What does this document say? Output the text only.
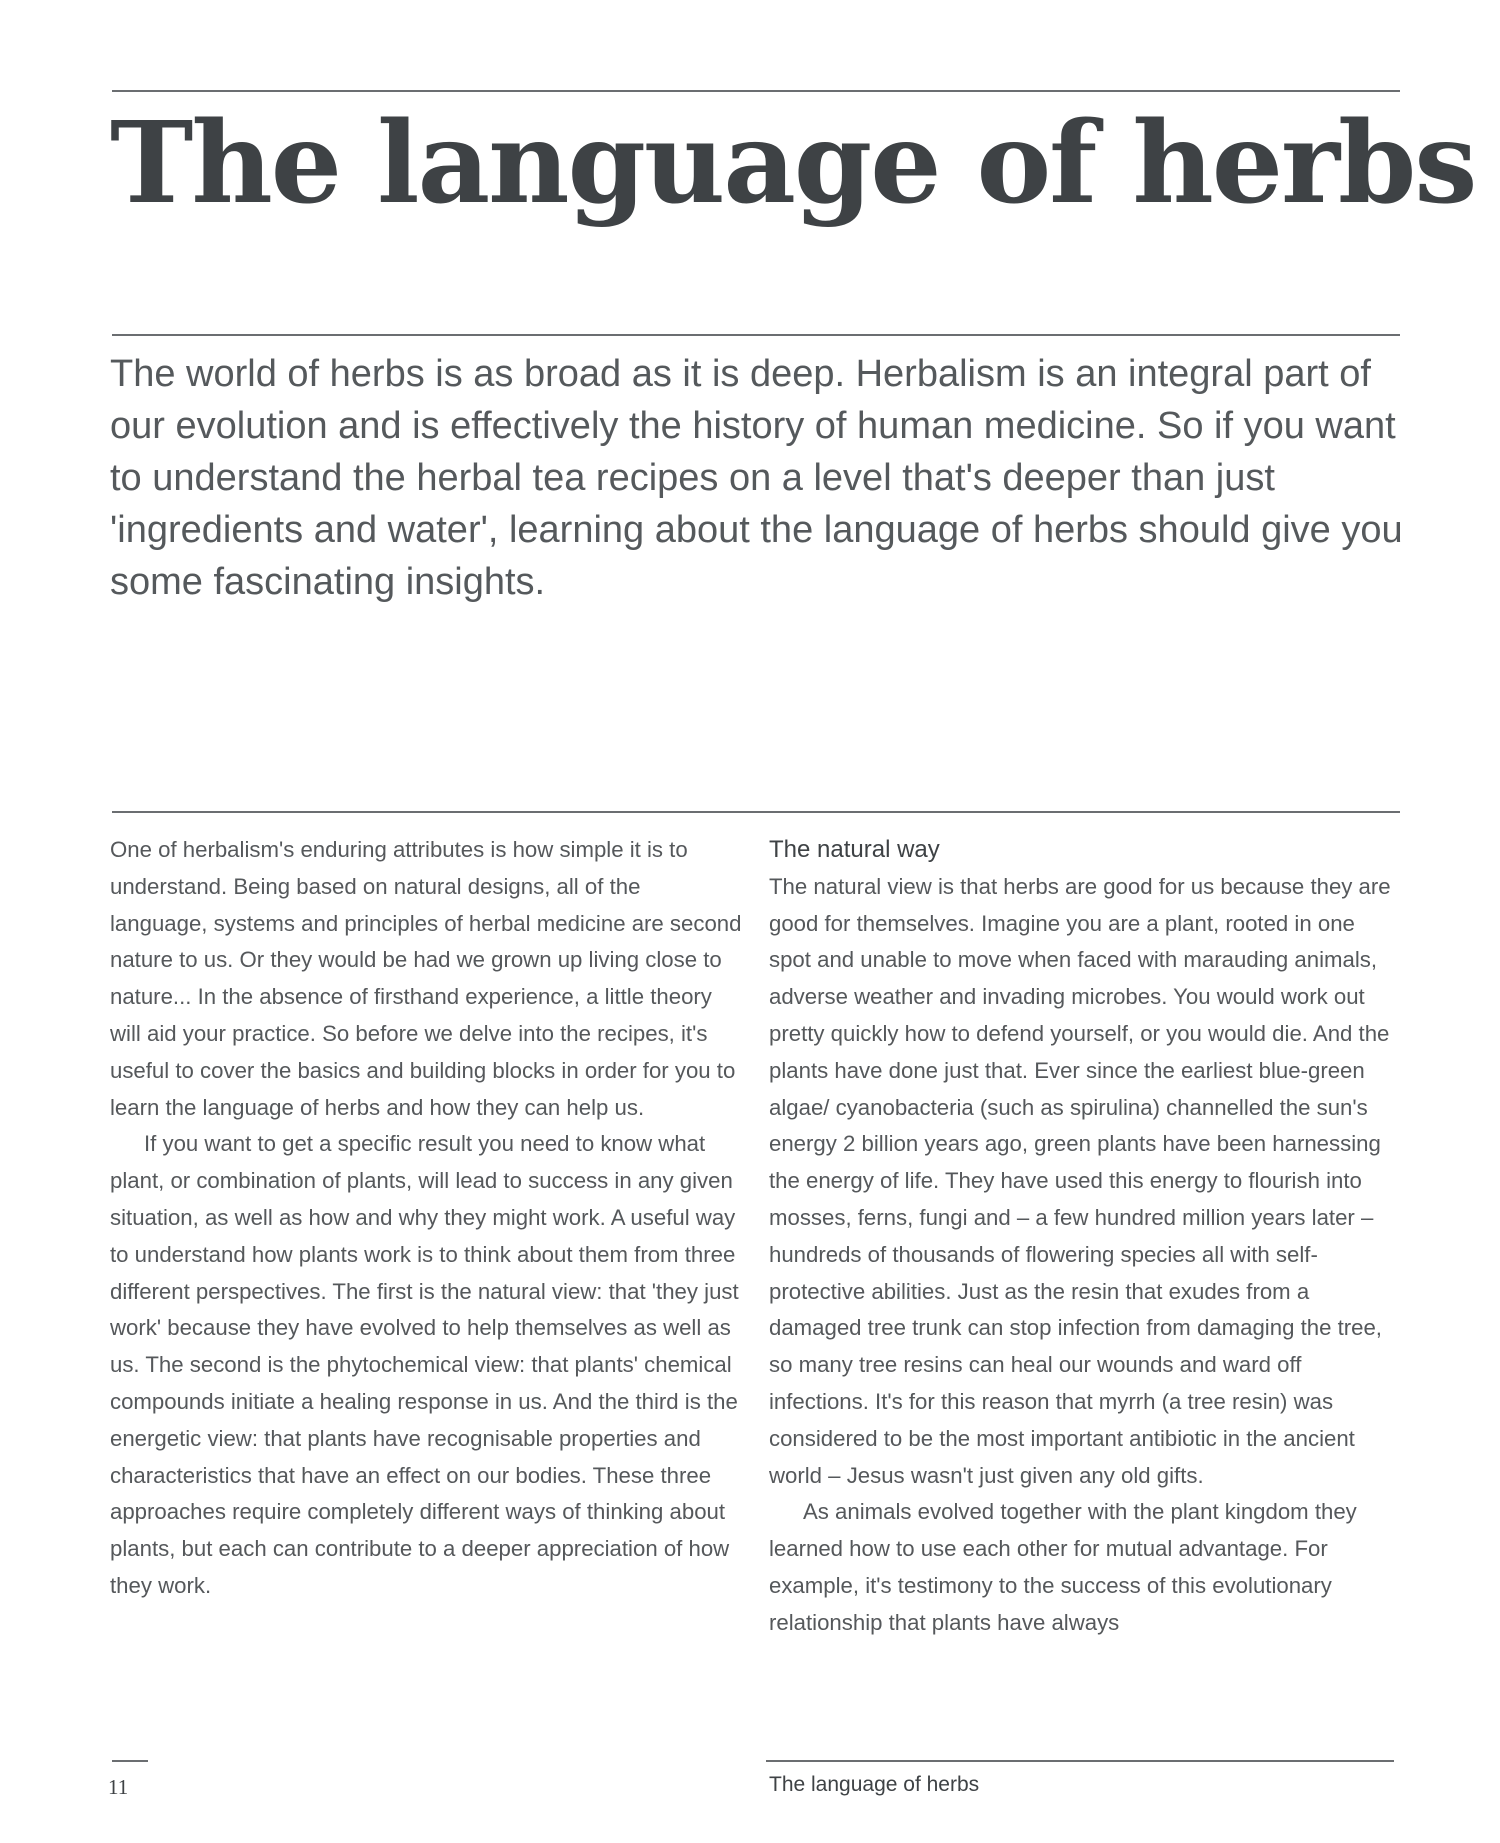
The language of herbs

The world of herbs is as broad as it is deep. Herbalism is an integral part of our evolution and is effectively the history of human medicine. So if you want to understand the herbal tea recipes on a level that's deeper than just 'ingredients and water', learning about the language of herbs should give you some fascinating insights.

One of herbalism's enduring attributes is how simple it is to understand. Being based on natural designs, all of the language, systems and principles of herbal medicine are second nature to us. Or they would be had we grown up living close to nature... In the absence of firsthand experience, a little theory will aid your practice. So before we delve into the recipes, it's useful to cover the basics and building blocks in order for you to learn the language of herbs and how they can help us.

If you want to get a specific result you need to know what plant, or combination of plants, will lead to success in any given situation, as well as how and why they might work. A useful way to understand how plants work is to think about them from three different perspectives. The first is the natural view: that 'they just work' because they have evolved to help themselves as well as us. The second is the phytochemical view: that plants' chemical compounds initiate a healing response in us. And the third is the energetic view: that plants have recognisable properties and characteristics that have an effect on our bodies. These three approaches require completely different ways of thinking about plants, but each can contribute to a deeper appreciation of how they work.

The natural way

The natural view is that herbs are good for us because they are good for themselves. Imagine you are a plant, rooted in one spot and unable to move when faced with marauding animals, adverse weather and invading microbes. You would work out pretty quickly how to defend yourself, or you would die. And the plants have done just that. Ever since the earliest blue-green algae/ cyanobacteria (such as spirulina) channelled the sun's energy 2 billion years ago, green plants have been harnessing the energy of life. They have used this energy to flourish into mosses, ferns, fungi and – a few hundred million years later – hundreds of thousands of flowering species all with self-protective abilities. Just as the resin that exudes from a damaged tree trunk can stop infection from damaging the tree, so many tree resins can heal our wounds and ward off infections. It's for this reason that myrrh (a tree resin) was considered to be the most important antibiotic in the ancient world – Jesus wasn't just given any old gifts.

As animals evolved together with the plant kingdom they learned how to use each other for mutual advantage. For example, it's testimony to the success of this evolutionary relationship that plants have always

11	The language of herbs
